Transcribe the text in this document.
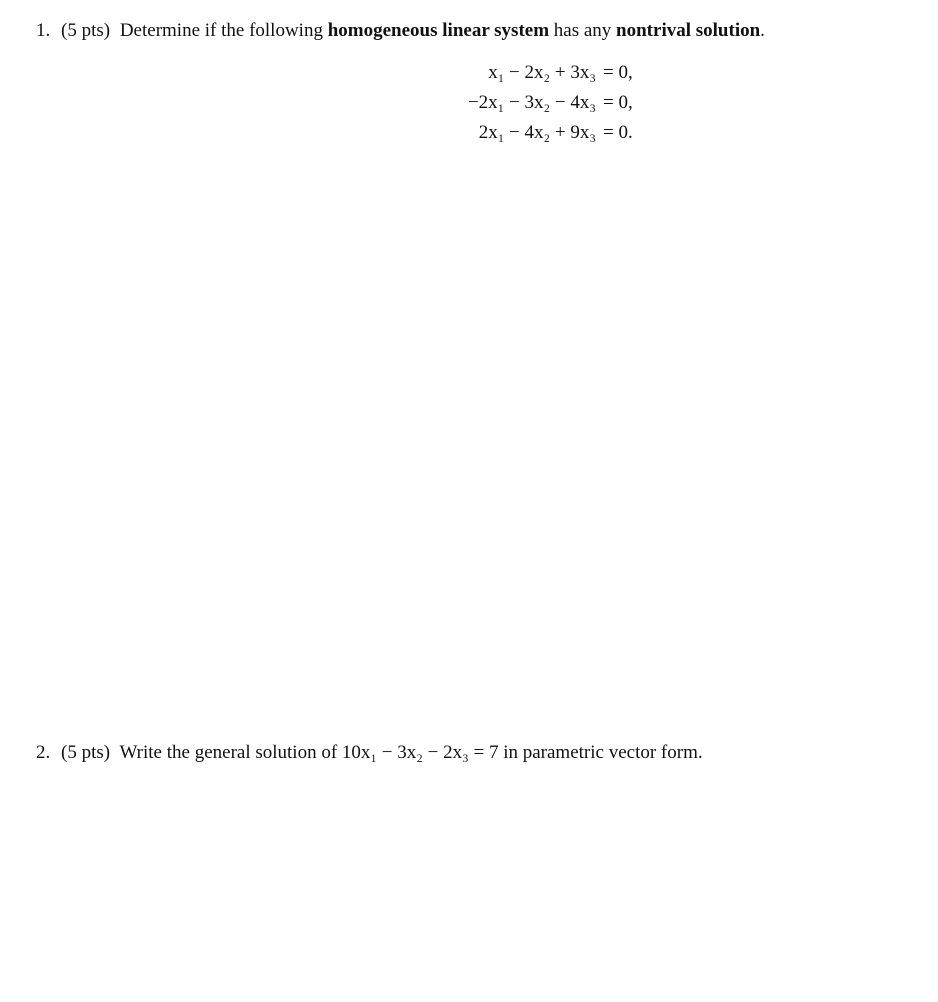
1. (5 pts) Determine if the following homogeneous linear system has any nontrival solution.
x₁ − 2x₂ + 3x₃ = 0,
−2x₁ − 3x₂ − 4x₃ = 0,
2x₁ − 4x₂ + 9x₃ = 0.
2. (5 pts) Write the general solution of 10x₁ − 3x₂ − 2x₃ = 7 in parametric vector form.
